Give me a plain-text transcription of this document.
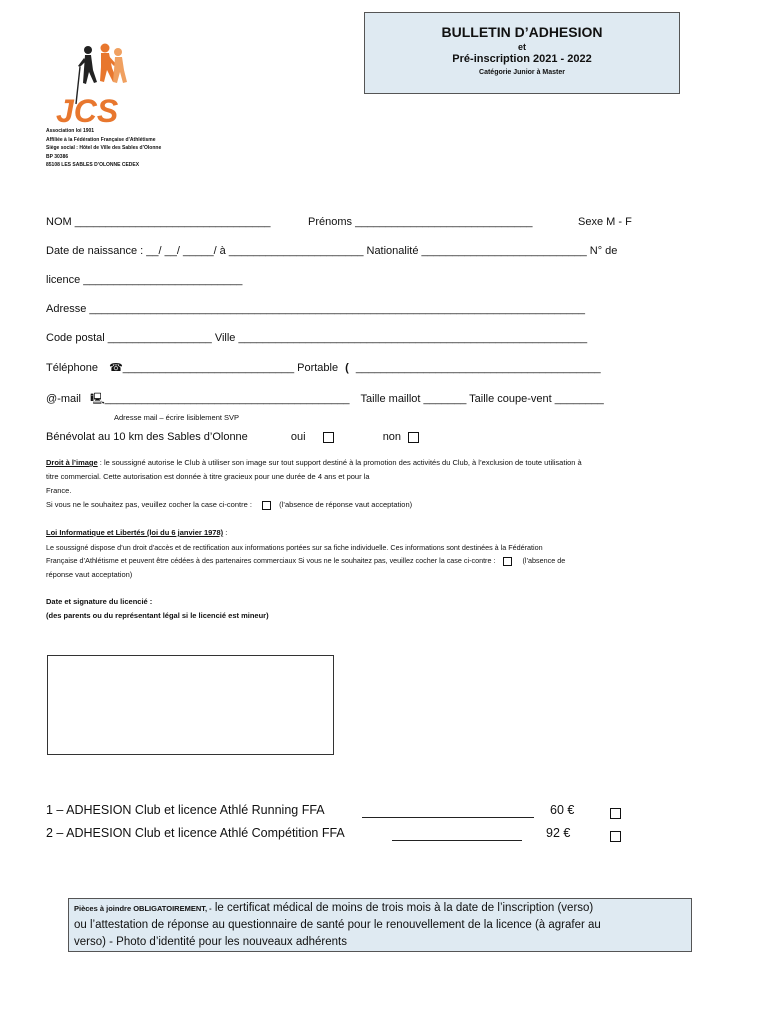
BULLETIN D’ADHESION
et
Pré-inscription 2021 - 2022
Catégorie Junior à Master
JCS
Association loi 1901
Affiliée à la Fédération Française d’Athlétisme
Siège social : Hôtel de Ville des Sables d’Olonne
BP 30386
85108 LES SABLES D’OLONNE CEDEX
NOM ________________________________	Prénoms _____________________________	Sexe M - F
Date de naissance : __/ __/ _____/ à ______________________ Nationalité ___________________________ N° de
licence __________________________
Adresse _________________________________________________________________________________
Code postal _________________ Ville _________________________________________________________
Téléphone ☎____________________________ Portable ( ________________________________________
@-mail 🖳________________________________________ Taille maillot _______ Taille coupe-vent ________
Adresse mail – écrire lisiblement SVP
Bénévolat au 10 km des Sables d’Olonne	oui	non
Droit à l’image : le soussigné autorise le Club à utiliser son image sur tout support destiné à la promotion des activités du Club, à l’exclusion de toute utilisation à
titre commercial. Cette autorisation est donnée à titre gracieux pour une durée de 4 ans et pour la
France.
Si vous ne le souhaitez pas, veuillez cocher la case ci-contre :	(l’absence de réponse vaut acceptation)
Loi Informatique et Libertés (loi du 6 janvier 1978) :
Le soussigné dispose d’un droit d’accès et de rectification aux informations portées sur sa fiche individuelle. Ces informations sont destinées à la Fédération
Française d’Athlétisme et peuvent être cédées à des partenaires commerciaux Si vous ne le souhaitez pas, veuillez cocher la case ci-contre :	(l’absence de
réponse vaut acceptation)
Date et signature du licencié :
(des parents ou du représentant légal si le licencié est mineur)
1 – ADHESION Club et licence Athlé Running FFA	60 €
2 – ADHESION Club et licence Athlé Compétition FFA	92 €
Pièces à joindre OBLIGATOIREMENT, - le certificat médical de moins de trois mois à la date de l’inscription (verso)
ou l’attestation de réponse au questionnaire de santé pour le renouvellement de la licence (à agrafer au
verso) - Photo d’identité pour les nouveaux adhérents
